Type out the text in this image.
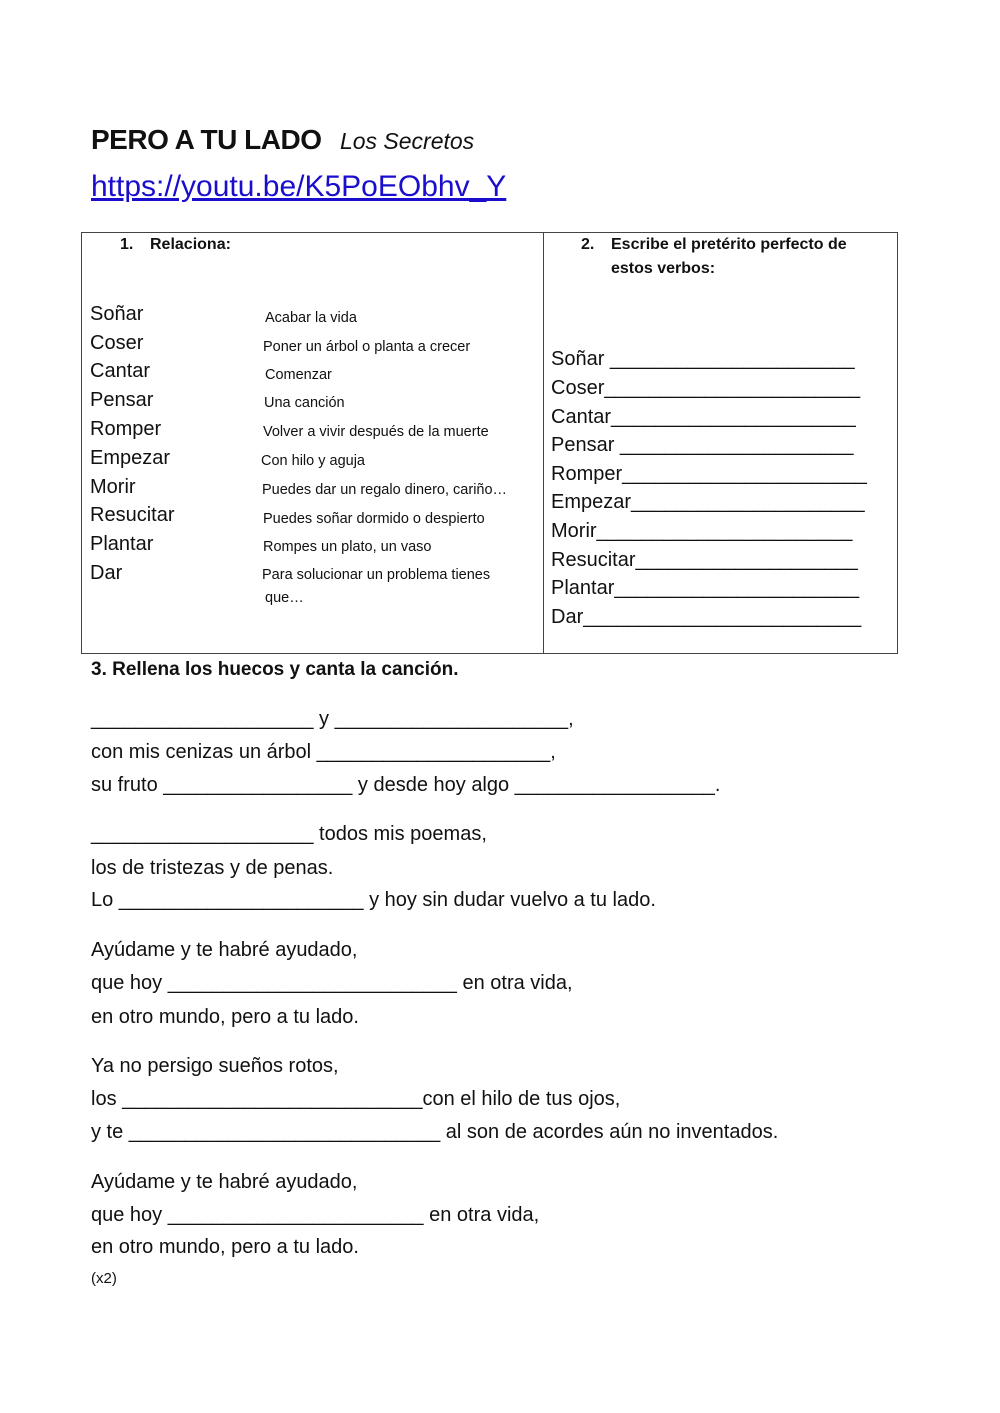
PERO A TU LADO Los Secretos
https://youtu.be/K5PoEObhv_Y
1. Relaciona:
Soñar
Coser
Cantar
Pensar
Romper
Empezar
Morir
Resucitar
Plantar
Dar
Acabar la vida
Poner un árbol o planta a crecer
Comenzar
Una canción
Volver a vivir después de la muerte
Con hilo y aguja
Puedes dar un regalo dinero, cariño…
Puedes soñar dormido o despierto
Rompes un plato, un vaso
Para solucionar un problema tienes
que…
2. Escribe el pretérito perfecto de
estos verbos:
Soñar ______________________
Coser_______________________
Cantar______________________
Pensar _____________________
Romper______________________
Empezar_____________________
Morir_______________________
Resucitar____________________
Plantar______________________
Dar_________________________
3. Rellena los huecos y canta la canción.
____________________ y _____________________,
con mis cenizas un árbol _____________________,
su fruto _________________ y desde hoy algo __________________.
____________________ todos mis poemas,
los de tristezas y de penas.
Lo ______________________ y hoy sin dudar vuelvo a tu lado.
Ayúdame y te habré ayudado,
que hoy __________________________ en otra vida,
en otro mundo, pero a tu lado.
Ya no persigo sueños rotos,
los ___________________________con el hilo de tus ojos,
y te ____________________________ al son de acordes aún no inventados.
Ayúdame y te habré ayudado,
que hoy _______________________ en otra vida,
en otro mundo, pero a tu lado.
(x2)
